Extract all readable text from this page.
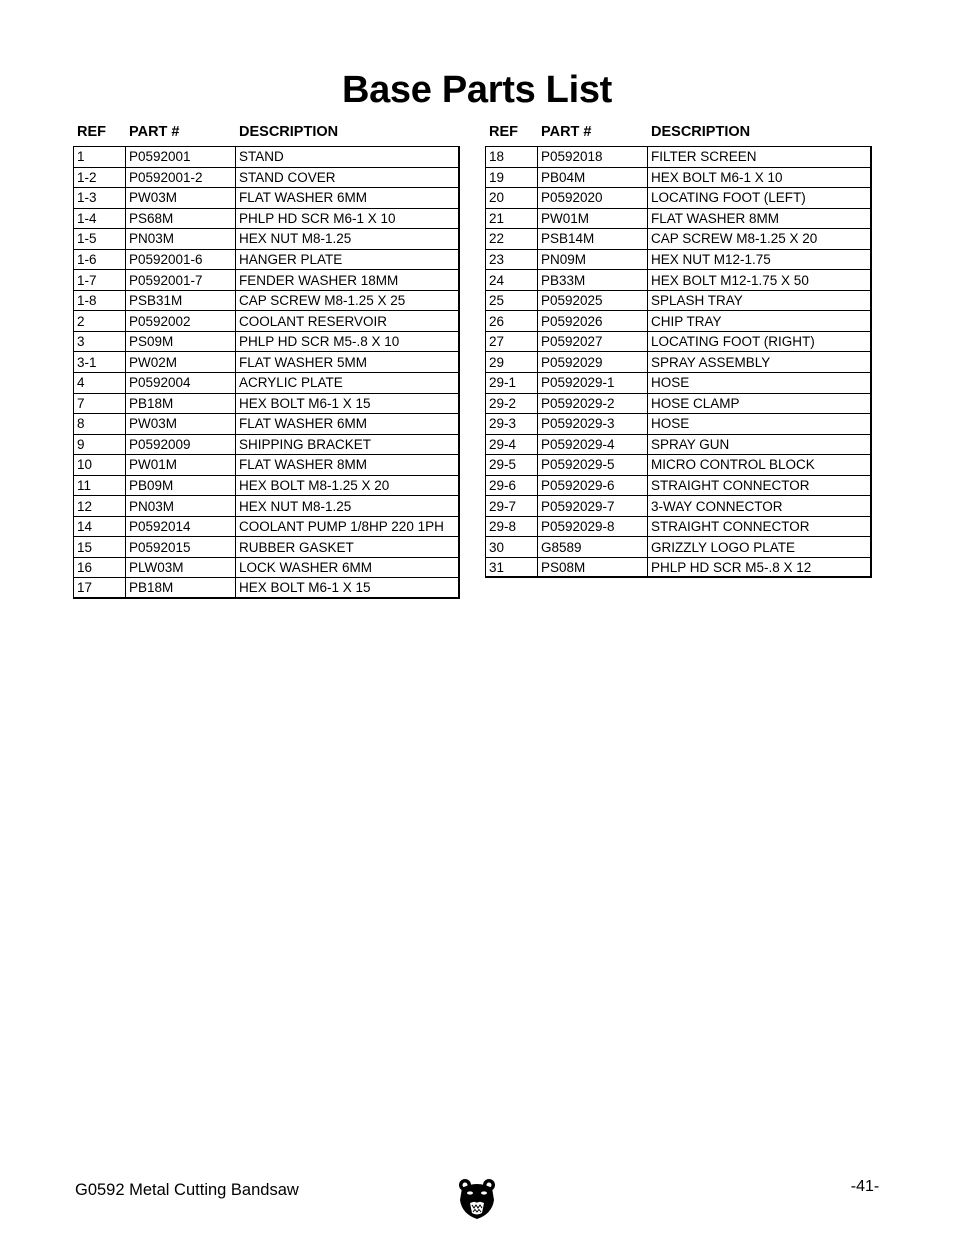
Base Parts List
REF	PART #	DESCRIPTION
1	P0592001	STAND
1-2	P0592001-2	STAND COVER
1-3	PW03M	FLAT WASHER 6MM
1-4	PS68M	PHLP HD SCR M6-1 X 10
1-5	PN03M	HEX NUT M8-1.25
1-6	P0592001-6	HANGER PLATE
1-7	P0592001-7	FENDER WASHER 18MM
1-8	PSB31M	CAP SCREW M8-1.25 X 25
2	P0592002	COOLANT RESERVOIR
3	PS09M	PHLP HD SCR M5-.8 X 10
3-1	PW02M	FLAT WASHER 5MM
4	P0592004	ACRYLIC PLATE
7	PB18M	HEX BOLT M6-1 X 15
8	PW03M	FLAT WASHER 6MM
9	P0592009	SHIPPING BRACKET
10	PW01M	FLAT WASHER 8MM
11	PB09M	HEX BOLT M8-1.25 X 20
12	PN03M	HEX NUT M8-1.25
14	P0592014	COOLANT PUMP 1/8HP 220 1PH
15	P0592015	RUBBER GASKET
16	PLW03M	LOCK WASHER 6MM
17	PB18M	HEX BOLT M6-1 X 15
REF	PART #	DESCRIPTION
18	P0592018	FILTER SCREEN
19	PB04M	HEX BOLT M6-1 X 10
20	P0592020	LOCATING FOOT (LEFT)
21	PW01M	FLAT WASHER 8MM
22	PSB14M	CAP SCREW M8-1.25 X 20
23	PN09M	HEX NUT M12-1.75
24	PB33M	HEX BOLT M12-1.75 X 50
25	P0592025	SPLASH TRAY
26	P0592026	CHIP TRAY
27	P0592027	LOCATING FOOT (RIGHT)
29	P0592029	SPRAY ASSEMBLY
29-1	P0592029-1	HOSE
29-2	P0592029-2	HOSE CLAMP
29-3	P0592029-3	HOSE
29-4	P0592029-4	SPRAY GUN
29-5	P0592029-5	MICRO CONTROL BLOCK
29-6	P0592029-6	STRAIGHT CONNECTOR
29-7	P0592029-7	3-WAY CONNECTOR
29-8	P0592029-8	STRAIGHT CONNECTOR
30	G8589	GRIZZLY LOGO PLATE
31	PS08M	PHLP HD SCR M5-.8 X 12
G0592 Metal Cutting Bandsaw	-41-
